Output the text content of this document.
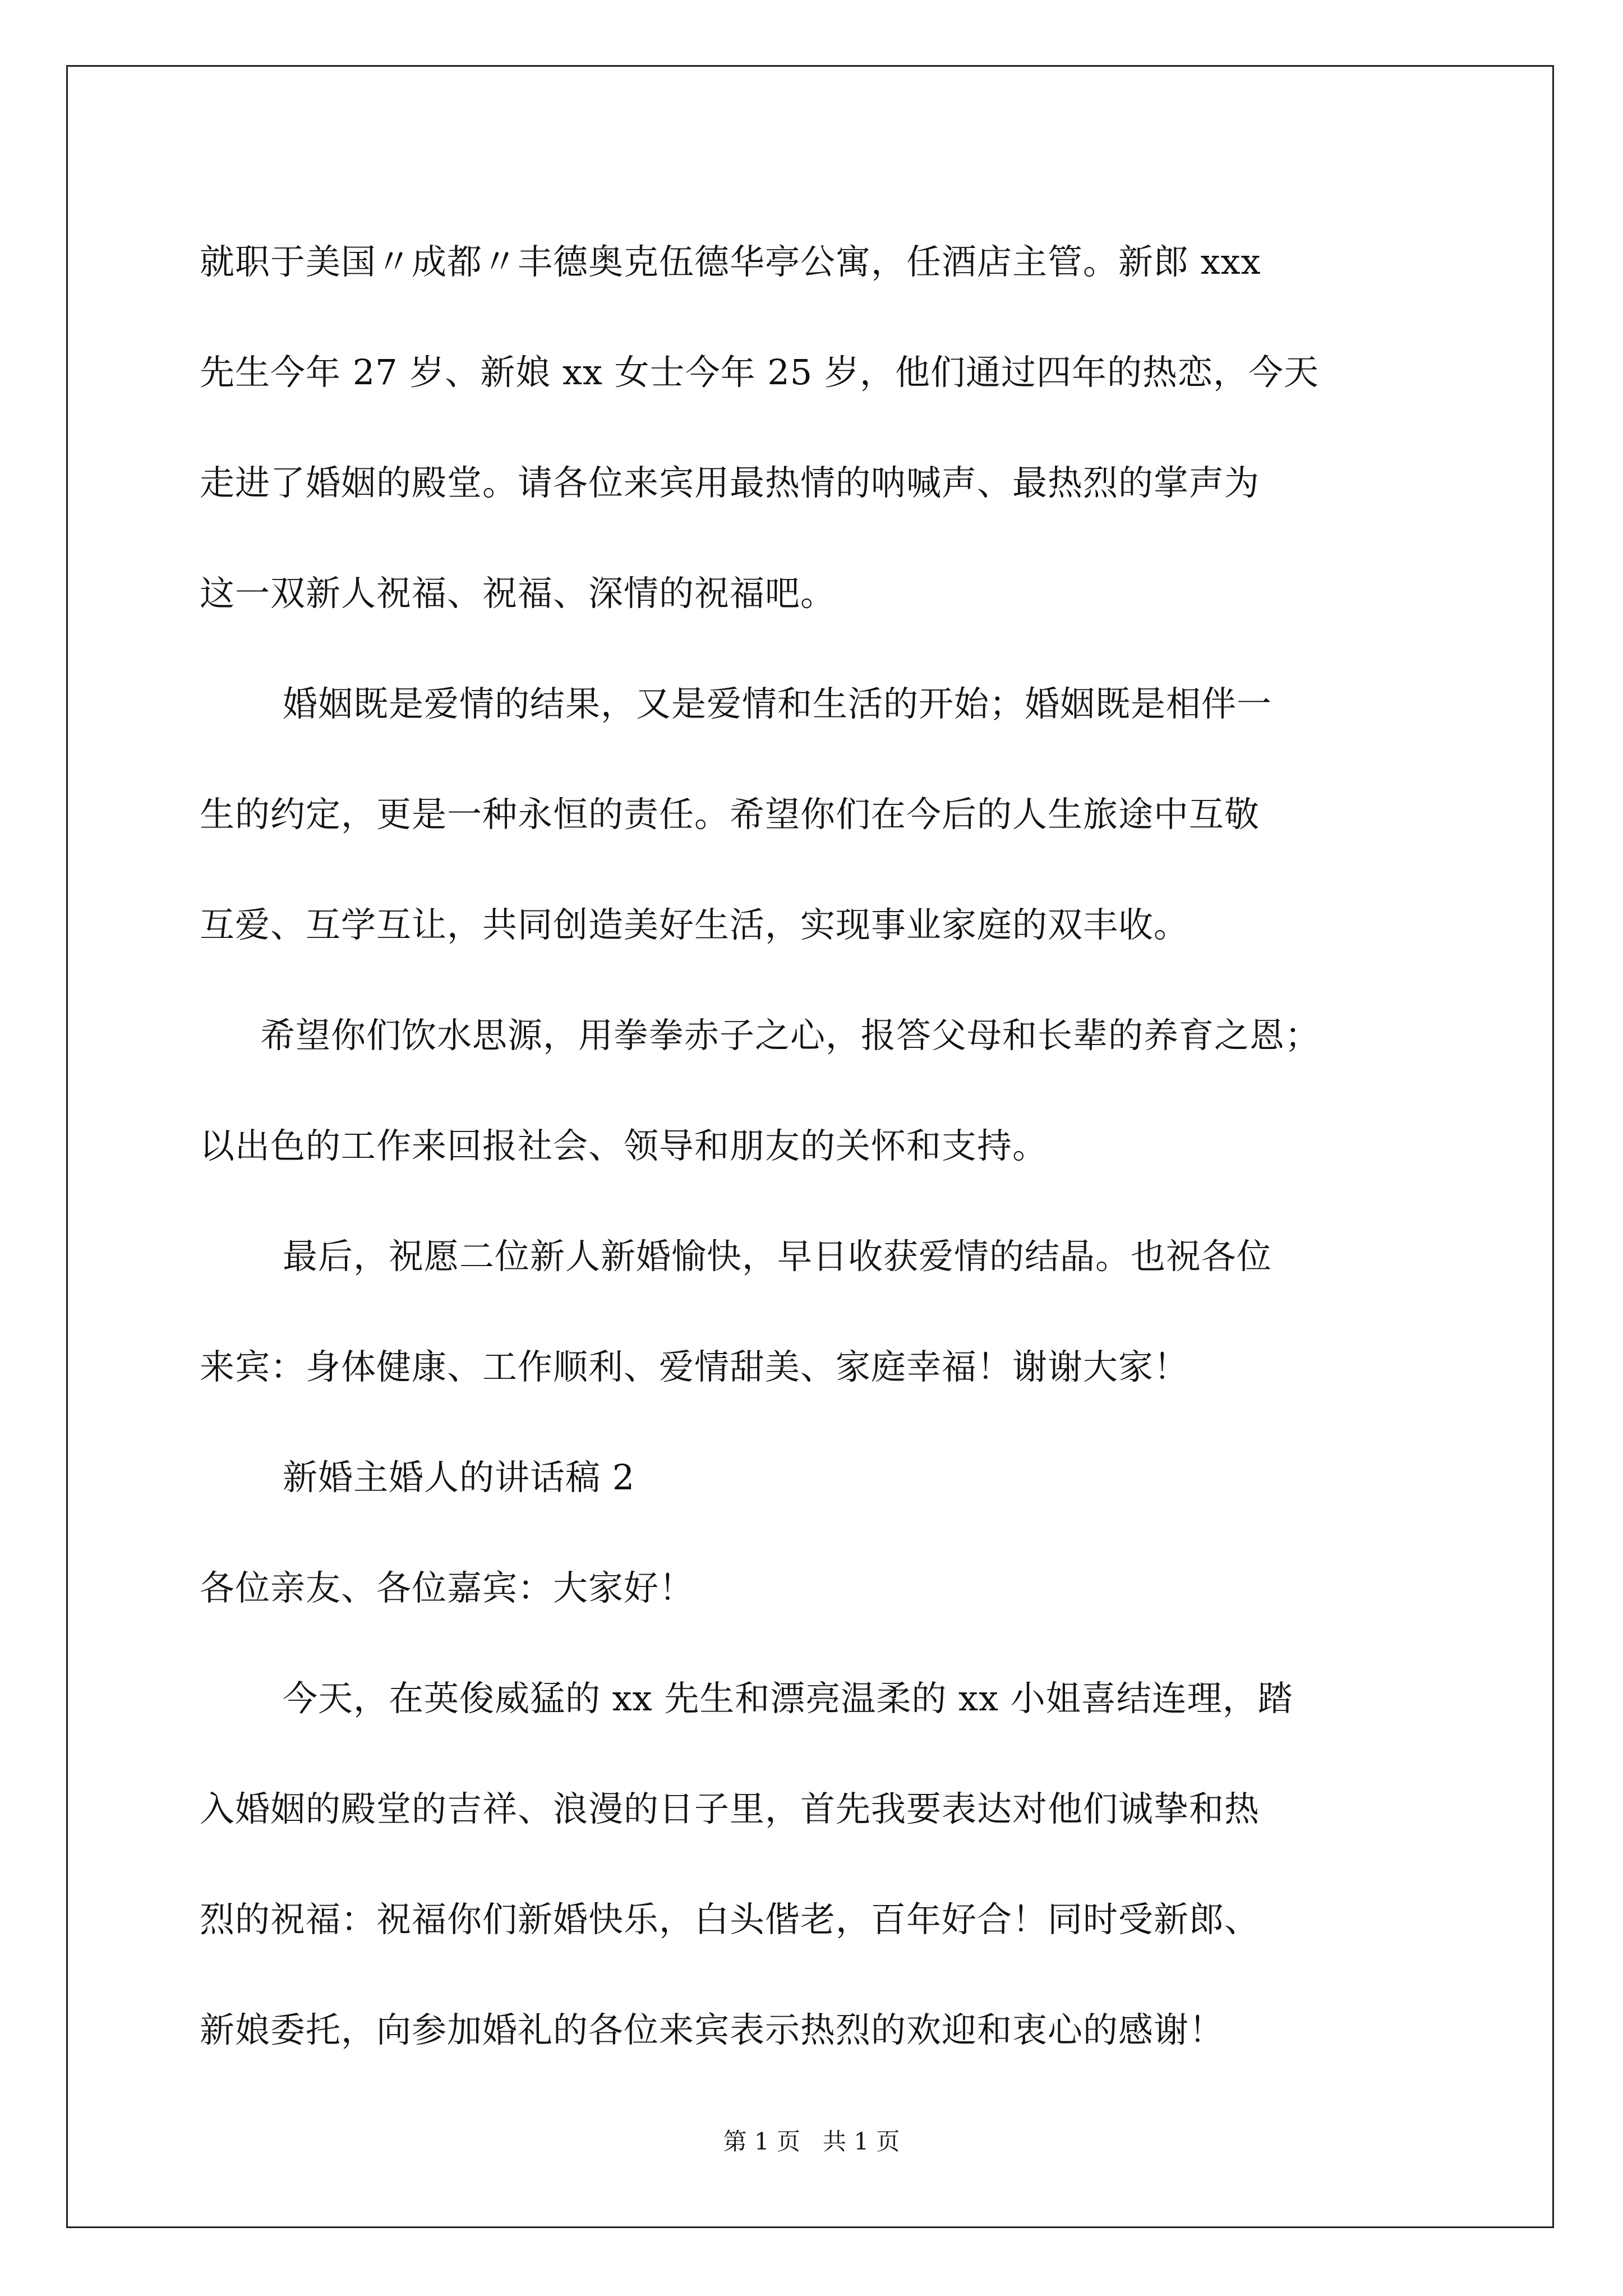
就职于美国〃成都〃丰德奥克伍德华亭公寓，任酒店主管。新郎 xxx
先生今年 27 岁、新娘 xx 女士今年 25 岁，他们通过四年的热恋，今天
走进了婚姻的殿堂。请各位来宾用最热情的呐喊声、最热烈的掌声为
这一双新人祝福、祝福、深情的祝福吧。
婚姻既是爱情的结果，又是爱情和生活的开始；婚姻既是相伴一
生的约定，更是一种永恒的责任。希望你们在今后的人生旅途中互敬
互爱、互学互让，共同创造美好生活，实现事业家庭的双丰收。
希望你们饮水思源，用拳拳赤子之心，报答父母和长辈的养育之恩；
以出色的工作来回报社会、领导和朋友的关怀和支持。
最后，祝愿二位新人新婚愉快，早日收获爱情的结晶。也祝各位
来宾：身体健康、工作顺利、爱情甜美、家庭幸福！谢谢大家！
新婚主婚人的讲话稿 2
各位亲友、各位嘉宾：大家好！
今天，在英俊威猛的 xx 先生和漂亮温柔的 xx 小姐喜结连理，踏
入婚姻的殿堂的吉祥、浪漫的日子里，首先我要表达对他们诚挚和热
烈的祝福：祝福你们新婚快乐，白头偕老，百年好合！同时受新郎、
新娘委托，向参加婚礼的各位来宾表示热烈的欢迎和衷心的感谢！
第 1 页 共 1 页
